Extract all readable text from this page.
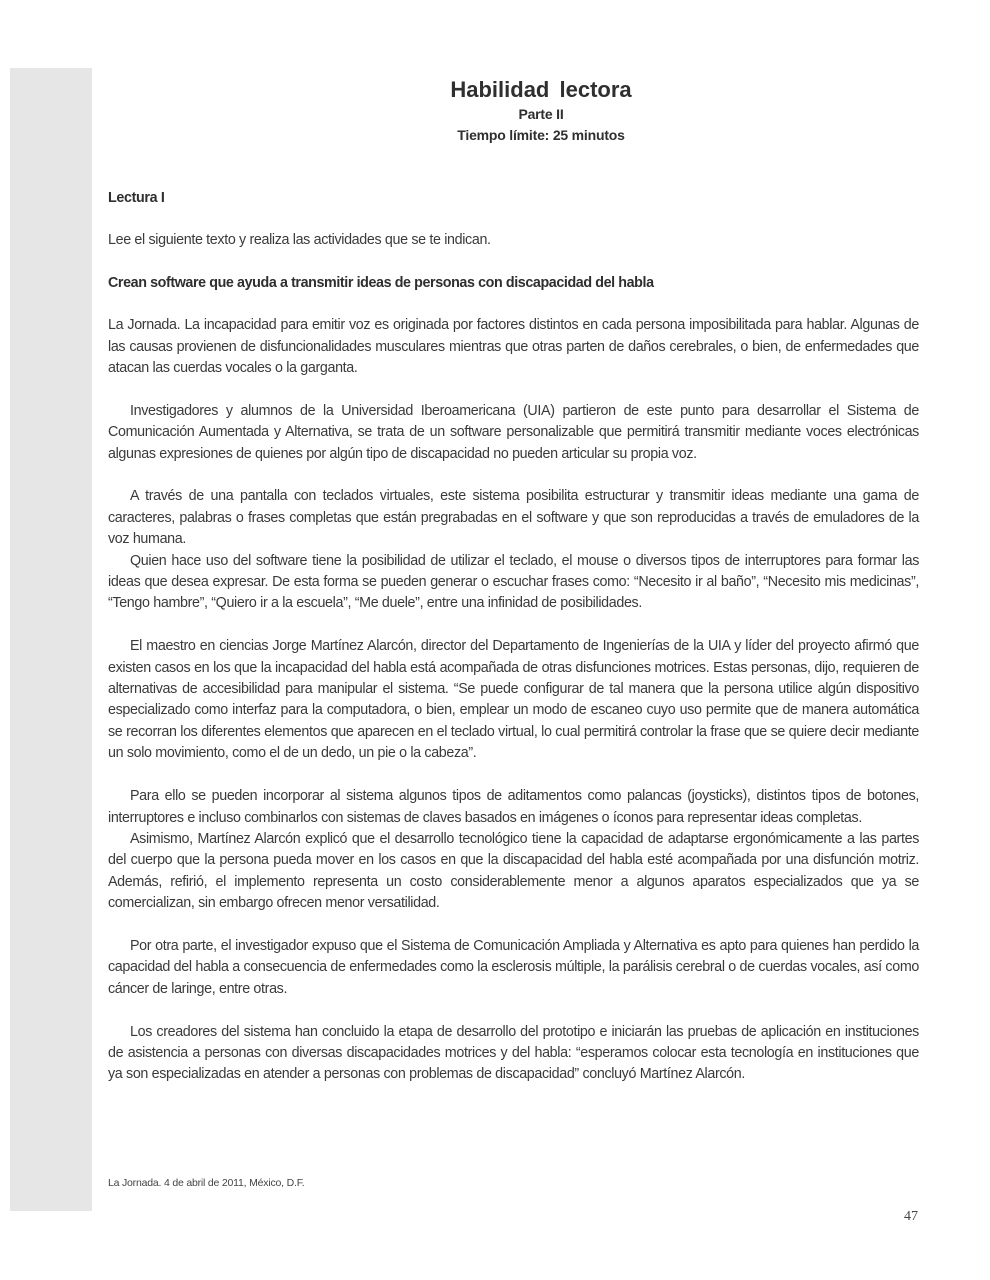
Habilidad lectora
Parte II
Tiempo límite: 25 minutos

Lectura I

Lee el siguiente texto y realiza las actividades que se te indican.

Crean software que ayuda a transmitir ideas de personas con discapacidad del habla

La Jornada. La incapacidad para emitir voz es originada por factores distintos en cada persona imposibilitada para hablar. Algunas de las causas provienen de disfuncionalidades musculares mientras que otras parten de daños cerebrales, o bien, de enfermedades que atacan las cuerdas vocales o la garganta.

Investigadores y alumnos de la Universidad Iberoamericana (UIA) partieron de este punto para desarrollar el Sistema de Comunicación Aumentada y Alternativa, se trata de un software personalizable que permitirá transmitir mediante voces electrónicas algunas expresiones de quienes por algún tipo de discapacidad no pueden articular su propia voz.

A través de una pantalla con teclados virtuales, este sistema posibilita estructurar y transmitir ideas mediante una gama de caracteres, palabras o frases completas que están pregrabadas en el software y que son reproducidas a través de emuladores de la voz humana.

Quien hace uso del software tiene la posibilidad de utilizar el teclado, el mouse o diversos tipos de interruptores para formar las ideas que desea expresar. De esta forma se pueden generar o escuchar frases como: “Necesito ir al baño”, “Necesito mis medicinas”, “Tengo hambre”, “Quiero ir a la escuela”, “Me duele”, entre una infinidad de posibilidades.

El maestro en ciencias Jorge Martínez Alarcón, director del Departamento de Ingenierías de la UIA y líder del proyecto afirmó que existen casos en los que la incapacidad del habla está acompañada de otras disfunciones motrices. Estas personas, dijo, requieren de alternativas de accesibilidad para manipular el sistema. “Se puede configurar de tal manera que la persona utilice algún dispositivo especializado como interfaz para la computadora, o bien, emplear un modo de escaneo cuyo uso permite que de manera automática se recorran los diferentes elementos que aparecen en el teclado virtual, lo cual permitirá controlar la frase que se quiere decir mediante un solo movimiento, como el de un dedo, un pie o la cabeza”.

Para ello se pueden incorporar al sistema algunos tipos de aditamentos como palancas (joysticks), distintos tipos de botones, interruptores e incluso combinarlos con sistemas de claves basados en imágenes o íconos para representar ideas completas.

Asimismo, Martínez Alarcón explicó que el desarrollo tecnológico tiene la capacidad de adaptarse ergonómicamente a las partes del cuerpo que la persona pueda mover en los casos en que la discapacidad del habla esté acompañada por una disfunción motriz. Además, refirió, el implemento representa un costo considerablemente menor a algunos aparatos especializados que ya se comercializan, sin embargo ofrecen menor versatilidad.

Por otra parte, el investigador expuso que el Sistema de Comunicación Ampliada y Alternativa es apto para quienes han perdido la capacidad del habla a consecuencia de enfermedades como la esclerosis múltiple, la parálisis cerebral o de cuerdas vocales, así como cáncer de laringe, entre otras.

Los creadores del sistema han concluido la etapa de desarrollo del prototipo e iniciarán las pruebas de aplicación en instituciones de asistencia a personas con diversas discapacidades motrices y del habla: “esperamos colocar esta tecnología en instituciones que ya son especializadas en atender a personas con problemas de discapacidad” concluyó Martínez Alarcón.

La Jornada. 4 de abril de 2011, México, D.F.
47
